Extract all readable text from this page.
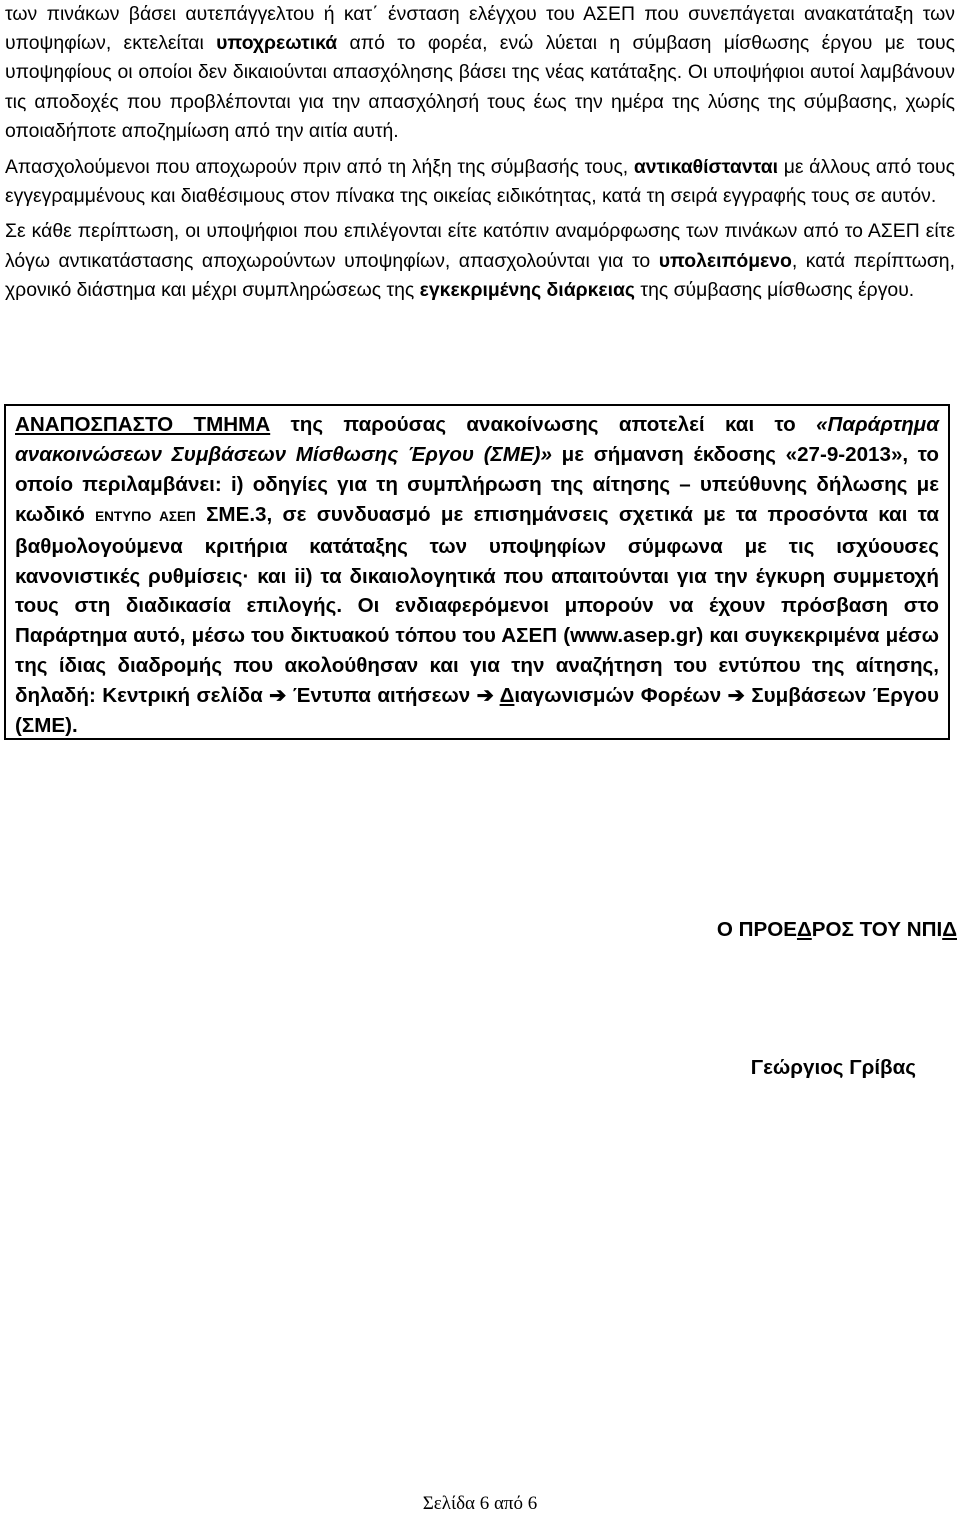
των πινάκων βάσει αυτεπάγγελτου ή κατ΄ ένσταση ελέγχου του ΑΣΕΠ που συνεπάγεται ανακατάταξη των υποψηφίων, εκτελείται υποχρεωτικά από το φορέα, ενώ λύεται η σύμβαση μίσθωσης έργου με τους υποψηφίους οι οποίοι δεν δικαιούνται απασχόλησης βάσει της νέας κατάταξης. Οι υποψήφιοι αυτοί λαμβάνουν τις αποδοχές που προβλέπονται για την απασχόλησή τους έως την ημέρα της λύσης της σύμβασης, χωρίς οποιαδήποτε αποζημίωση από την αιτία αυτή.

Απασχολούμενοι που αποχωρούν πριν από τη λήξη της σύμβασής τους, αντικαθίστανται με άλλους από τους εγγεγραμμένους και διαθέσιμους στον πίνακα της οικείας ειδικότητας, κατά τη σειρά εγγραφής τους σε αυτόν.

Σε κάθε περίπτωση, οι υποψήφιοι που επιλέγονται είτε κατόπιν αναμόρφωσης των πινάκων από το ΑΣΕΠ είτε λόγω αντικατάστασης αποχωρούντων υποψηφίων, απασχολούνται για το υπολειπόμενο, κατά περίπτωση, χρονικό διάστημα και μέχρι συμπληρώσεως της εγκεκριμένης διάρκειας της σύμβασης μίσθωσης έργου.

ΑΝΑΠΟΣΠΑΣΤΟ ΤΜΗΜΑ της παρούσας ανακοίνωσης αποτελεί και το «Παράρτημα ανακοινώσεων Συμβάσεων Μίσθωσης Έργου (ΣΜΕ)» με σήμανση έκδοσης «27-9-2013», το οποίο περιλαμβάνει: i) οδηγίες για τη συμπλήρωση της αίτησης – υπεύθυνης δήλωσης με κωδικό ΕΝΤΥΠΟ ΑΣΕΠ ΣΜΕ.3, σε συνδυασμό με επισημάνσεις σχετικά με τα προσόντα και τα βαθμολογούμενα κριτήρια κατάταξης των υποψηφίων σύμφωνα με τις ισχύουσες κανονιστικές ρυθμίσεις· και ii) τα δικαιολογητικά που απαιτούνται για την έγκυρη συμμετοχή τους στη διαδικασία επιλογής. Οι ενδιαφερόμενοι μπορούν να έχουν πρόσβαση στο Παράρτημα αυτό, μέσω του δικτυακού τόπου του ΑΣΕΠ (www.asep.gr) και συγκεκριμένα μέσω της ίδιας διαδρομής που ακολούθησαν και για την αναζήτηση του εντύπου της αίτησης, δηλαδή: Κεντρική σελίδα ➔ Έντυπα αιτήσεων ➔ Διαγωνισμών Φορέων ➔ Συμβάσεων Έργου (ΣΜΕ).
Ο ΠΡΟΕΔΡΟΣ ΤΟΥ ΝΠΙΔ
Γεώργιος Γρίβας
Σελίδα 6 από 6
